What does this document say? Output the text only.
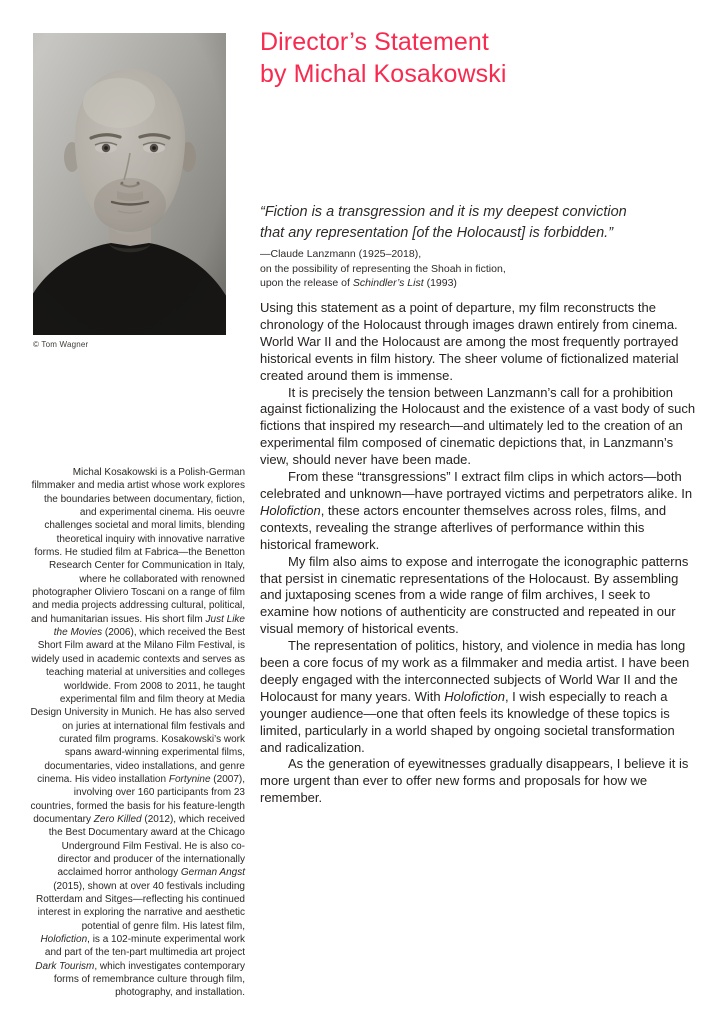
© Tom Wagner
Director’s Statement
by Michal Kosakowski
“Fiction is a transgression and it is my deepest conviction
that any representation [of the Holocaust] is forbidden.”
—Claude Lanzmann (1925–2018),
on the possibility of representing the Shoah in fiction,
upon the release of Schindler’s List (1993)

Using this statement as a point of departure, my film reconstructs the chronology of the Holocaust through images drawn entirely from cinema. World War II and the Holocaust are among the most frequently portrayed historical events in film history. The sheer volume of fictionalized material created around them is immense.

It is precisely the tension between Lanzmann’s call for a prohibition against fictionalizing the Holocaust and the existence of a vast body of such fictions that inspired my research—and ultimately led to the creation of an experimental film composed of cinematic depictions that, in Lanzmann’s view, should never have been made.

From these “transgressions” I extract film clips in which actors—both celebrated and unknown—have portrayed victims and perpetrators alike. In Holofiction, these actors encounter themselves across roles, films, and contexts, revealing the strange afterlives of performance within this historical framework.

My film also aims to expose and interrogate the iconographic patterns that persist in cinematic representations of the Holocaust. By assembling and juxtaposing scenes from a wide range of film archives, I seek to examine how notions of authenticity are constructed and repeated in our visual memory of historical events.

The representation of politics, history, and violence in media has long been a core focus of my work as a filmmaker and media artist. I have been deeply engaged with the interconnected subjects of World War II and the Holocaust for many years. With Holofiction, I wish especially to reach a younger audience—one that often feels its knowledge of these topics is limited, particularly in a world shaped by ongoing societal transformation and radicalization.

As the generation of eyewitnesses gradually disappears, I believe it is more urgent than ever to offer new forms and proposals for how we remember.

Michal Kosakowski is a Polish-German filmmaker and media artist whose work explores the boundaries between documentary, fiction, and experimental cinema. His oeuvre challenges societal and moral limits, blending theoretical inquiry with innovative narrative forms. He studied film at Fabrica—the Benetton Research Center for Communication in Italy, where he collaborated with renowned photographer Oliviero Toscani on a range of film and media projects addressing cultural, political, and humanitarian issues. His short film Just Like the Movies (2006), which received the Best Short Film award at the Milano Film Festival, is widely used in academic contexts and serves as teaching material at universities and colleges worldwide. From 2008 to 2011, he taught experimental film and film theory at Media Design University in Munich. He has also served on juries at international film festivals and curated film programs. Kosakowski’s work spans award-winning experimental films, documentaries, video installations, and genre cinema. His video installation Fortynine (2007), involving over 160 participants from 23 countries, formed the basis for his feature-length documentary Zero Killed (2012), which received the Best Documentary award at the Chicago Underground Film Festival. He is also co-director and producer of the internationally acclaimed horror anthology German Angst (2015), shown at over 40 festivals including Rotterdam and Sitges—reflecting his continued interest in exploring the narrative and aesthetic potential of genre film. His latest film, Holofiction, is a 102-minute experimental work and part of the ten-part multimedia art project Dark Tourism, which investigates contemporary forms of remembrance culture through film, photography, and installation.
